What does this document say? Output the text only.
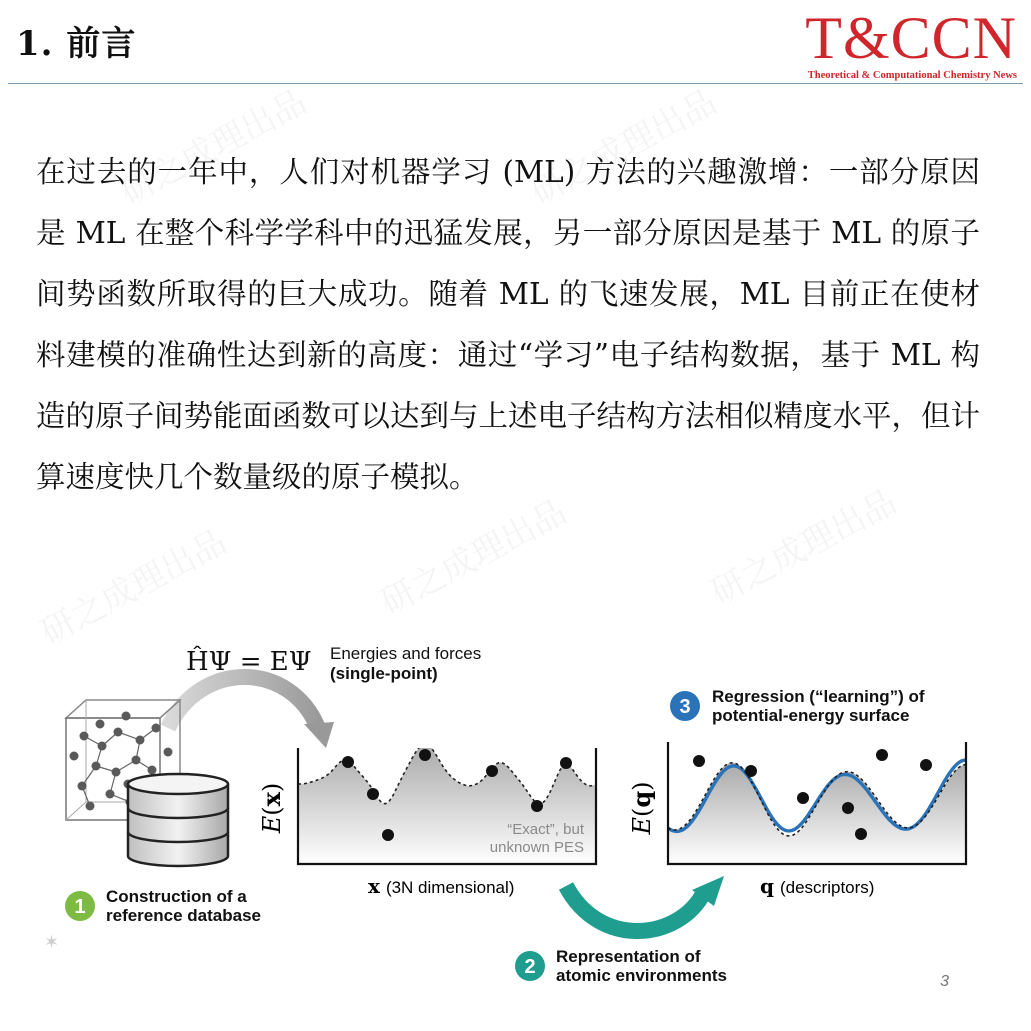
1. 前言	T&CCN
Theoretical & Computational Chemistry News
研之成理出品	研之成理出品
研之成理出品	研之成理出品	研之成理出品
在过去的一年中，人们对机器学习 (ML) 方法的兴趣激增：一部分原因是 ML 在整个科学学科中的迅猛发展，另一部分原因是基于 ML 的原子间势函数所取得的巨大成功。随着 ML 的飞速发展，ML 目前正在使材料建模的准确性达到新的高度：通过“学习”电子结构数据，基于 ML 构造的原子间势能面函数可以达到与上述电子结构方法相似精度水平，但计算速度快几个数量级的原子模拟。
ĤΨ = EΨ Energies and forces
(single-point)
“Exact”, but
unknown PES
E(x)
x (3N dimensional)
E(q)
q (descriptors)
1 Construction of a
reference database
2 Representation of
atomic environments
3 Regression (“learning”) of
potential-energy surface
✶
3
